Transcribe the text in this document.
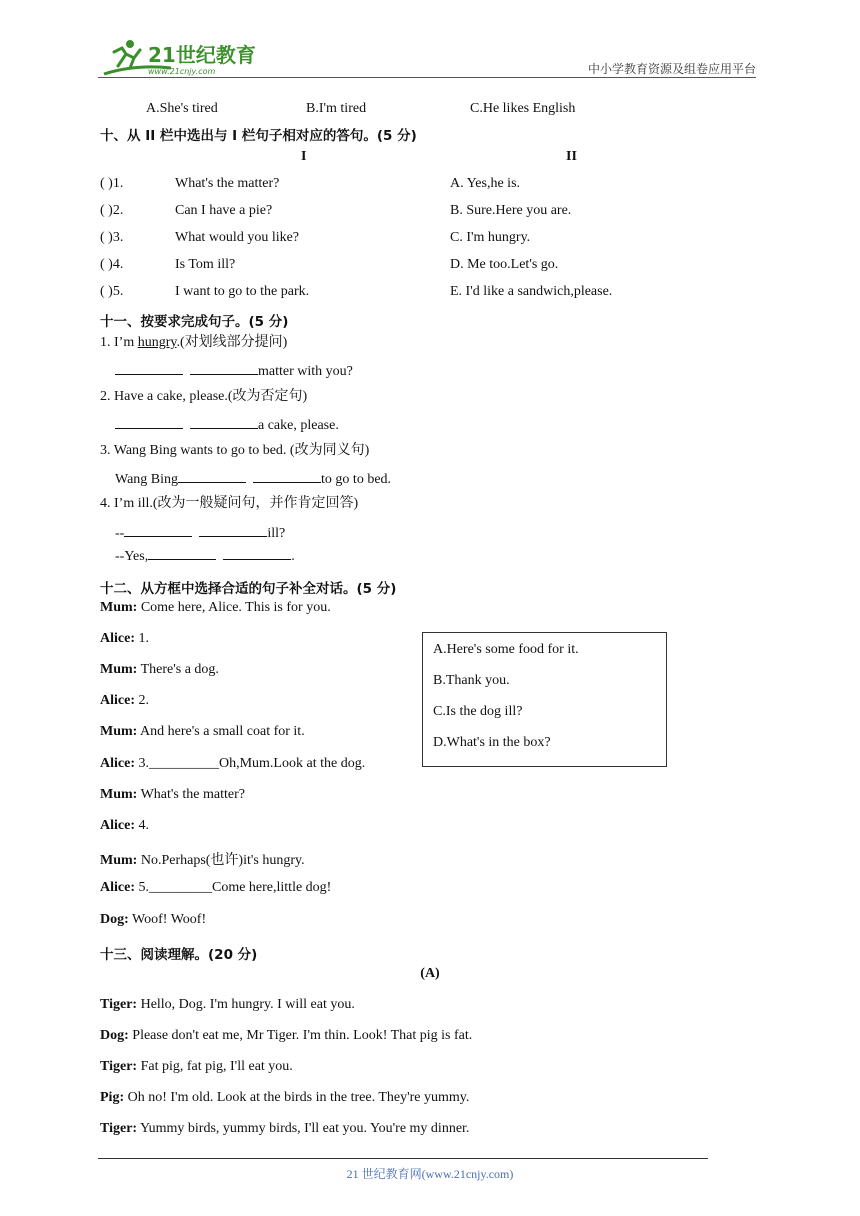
21世纪教育
www.21cnjy.com	中小学教育资源及组卷应用平台
A.She's tired	B.I'm tired	C.He likes English
十、从 II 栏中选出与 I 栏句子相对应的答句。(5 分)
I	II
( )1.	What's the matter?	A. Yes,he is.
( )2.	Can I have a pie?	B. Sure.Here you are.
( )3.	What would you like?	C. I'm hungry.
( )4.	Is Tom ill?	D. Me too.Let's go.
( )5.	I want to go to the park.	E. I'd like a sandwich,please.
十一、按要求完成句子。(5 分)
1. I’m hungry.(对划线部分提问)
matter with you?
2. Have a cake, please.(改为否定句)
a cake, please.
3. Wang Bing wants to go to bed. (改为同义句)
Wang Bing	to go to bed.
4. I’m ill.(改为一般疑问句，并作肯定回答)
--	ill?
--Yes,	.
十二、从方框中选择合适的句子补全对话。(5 分)
Mum: Come here, Alice. This is for you.
Alice: 1.
Mum: There's a dog.
Alice: 2.
Mum: And here's a small coat for it.
Alice: 3.__________Oh,Mum.Look at the dog.
Mum: What's the matter?
Alice: 4.
Mum: No.Perhaps(也许)it's hungry.
Alice: 5._________Come here,little dog!
Dog: Woof! Woof!
A.Here's some food for it.
B.Thank you.
C.Is the dog ill?
D.What's in the box?
十三、阅读理解。(20 分)
(A)
Tiger: Hello, Dog. I'm hungry. I will eat you.
Dog: Please don't eat me, Mr Tiger. I'm thin. Look! That pig is fat.
Tiger: Fat pig, fat pig, I'll eat you.
Pig: Oh no! I'm old. Look at the birds in the tree. They're yummy.
Tiger: Yummy birds, yummy birds, I'll eat you. You're my dinner.
21 世纪教育网(www.21cnjy.com)
